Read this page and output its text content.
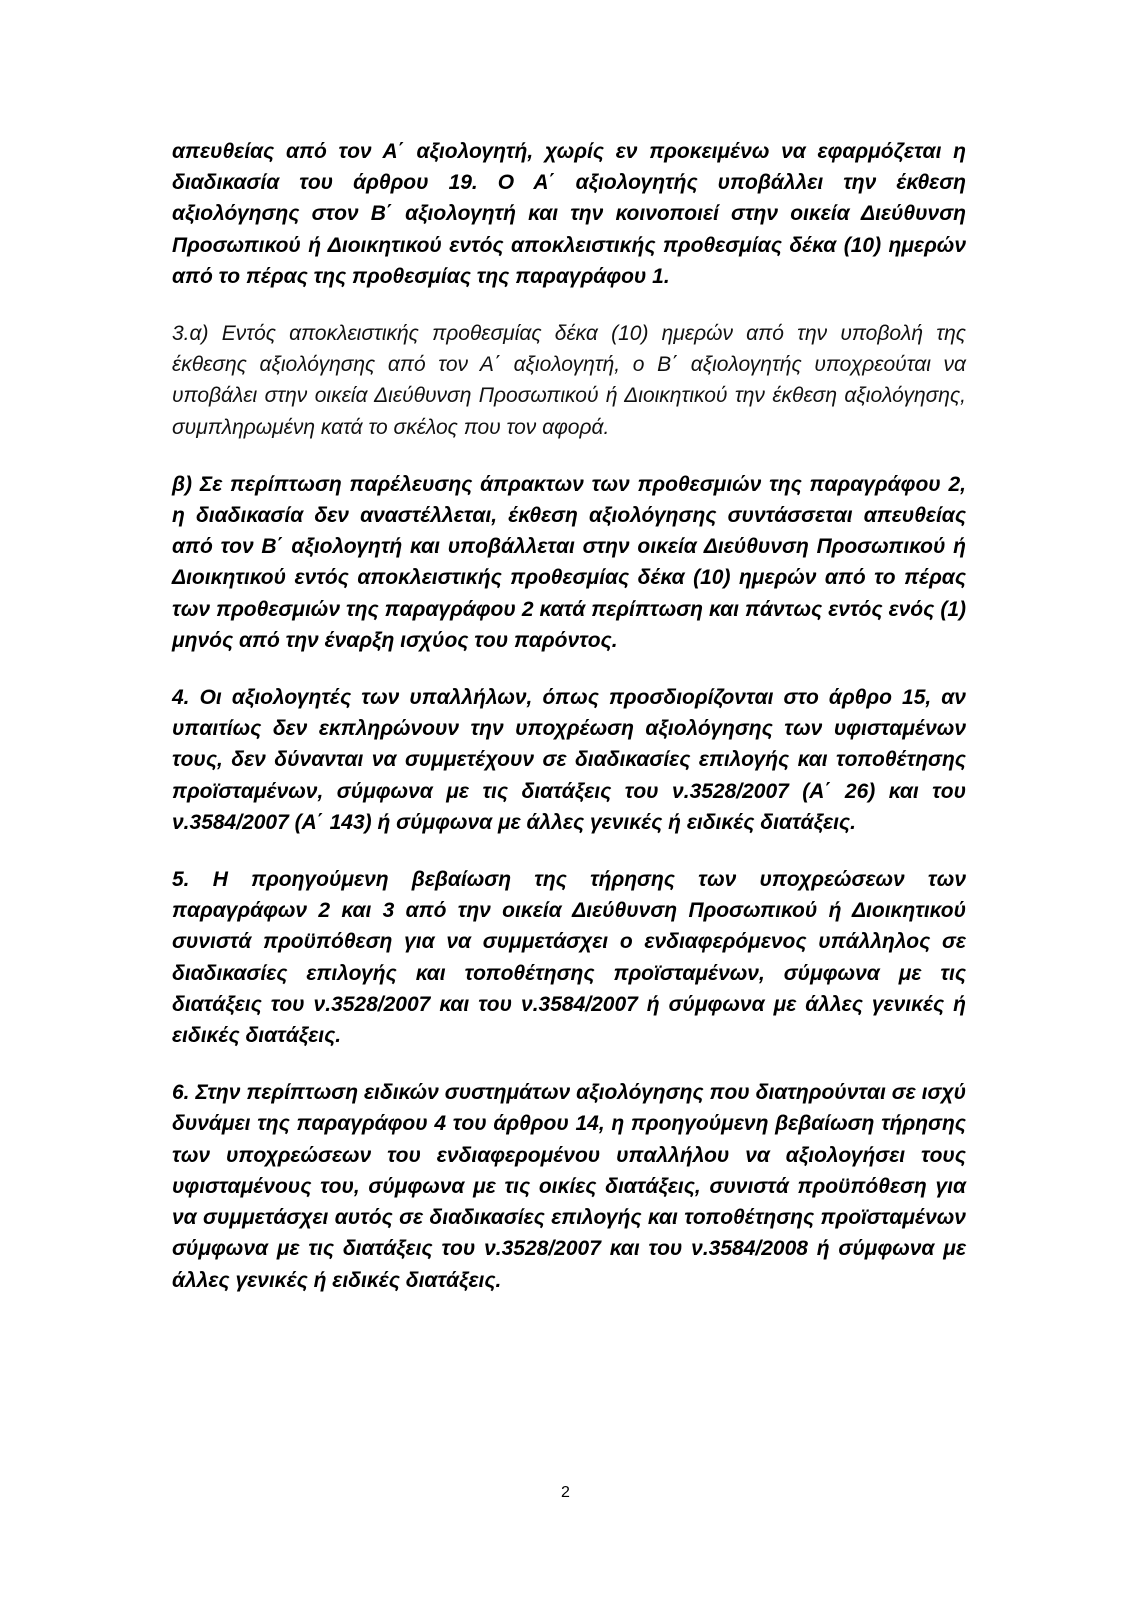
απευθείας από τον Α΄ αξιολογητή, χωρίς εν προκειμένω να εφαρμόζεται η διαδικασία του άρθρου 19. Ο Α΄ αξιολογητής υποβάλλει την έκθεση αξιολόγησης στον Β΄ αξιολογητή και την κοινοποιεί στην οικεία Διεύθυνση Προσωπικού ή Διοικητικού εντός αποκλειστικής προθεσμίας δέκα (10) ημερών από το πέρας της προθεσμίας της παραγράφου 1.

3.α) Εντός αποκλειστικής προθεσμίας δέκα (10) ημερών από την υποβολή της έκθεσης αξιολόγησης από τον Α΄ αξιολογητή, ο Β΄ αξιολογητής υποχρεούται να υποβάλει στην οικεία Διεύθυνση Προσωπικού ή Διοικητικού την έκθεση αξιολόγησης, συμπληρωμένη κατά το σκέλος που τον αφορά.

β) Σε περίπτωση παρέλευσης άπρακτων των προθεσμιών της παραγράφου 2, η διαδικασία δεν αναστέλλεται, έκθεση αξιολόγησης συντάσσεται απευθείας από τον Β΄ αξιολογητή και υποβάλλεται στην οικεία Διεύθυνση Προσωπικού ή Διοικητικού εντός αποκλειστικής προθεσμίας δέκα (10) ημερών από το πέρας των προθεσμιών της παραγράφου 2 κατά περίπτωση και πάντως εντός ενός (1) μηνός από την έναρξη ισχύος του παρόντος.

4. Οι αξιολογητές των υπαλλήλων, όπως προσδιορίζονται στο άρθρο 15, αν υπαιτίως δεν εκπληρώνουν την υποχρέωση αξιολόγησης των υφισταμένων τους, δεν δύνανται να συμμετέχουν σε διαδικασίες επιλογής και τοποθέτησης προϊσταμένων, σύμφωνα με τις διατάξεις του ν.3528/2007 (Α΄ 26) και του ν.3584/2007 (Α΄ 143) ή σύμφωνα με άλλες γενικές ή ειδικές διατάξεις.

5. Η προηγούμενη βεβαίωση της τήρησης των υποχρεώσεων των παραγράφων 2 και 3 από την οικεία Διεύθυνση Προσωπικού ή Διοικητικού συνιστά προϋπόθεση για να συμμετάσχει ο ενδιαφερόμενος υπάλληλος σε διαδικασίες επιλογής και τοποθέτησης προϊσταμένων, σύμφωνα με τις διατάξεις του ν.3528/2007 και του ν.3584/2007 ή σύμφωνα με άλλες γενικές ή ειδικές διατάξεις.

6. Στην περίπτωση ειδικών συστημάτων αξιολόγησης που διατηρούνται σε ισχύ δυνάμει της παραγράφου 4 του άρθρου 14, η προηγούμενη βεβαίωση τήρησης των υποχρεώσεων του ενδιαφερομένου υπαλλήλου να αξιολογήσει τους υφισταμένους του, σύμφωνα με τις οικίες διατάξεις, συνιστά προϋπόθεση για να συμμετάσχει αυτός σε διαδικασίες επιλογής και τοποθέτησης προϊσταμένων σύμφωνα με τις διατάξεις του ν.3528/2007 και του ν.3584/2008 ή σύμφωνα με άλλες γενικές ή ειδικές διατάξεις.

2
